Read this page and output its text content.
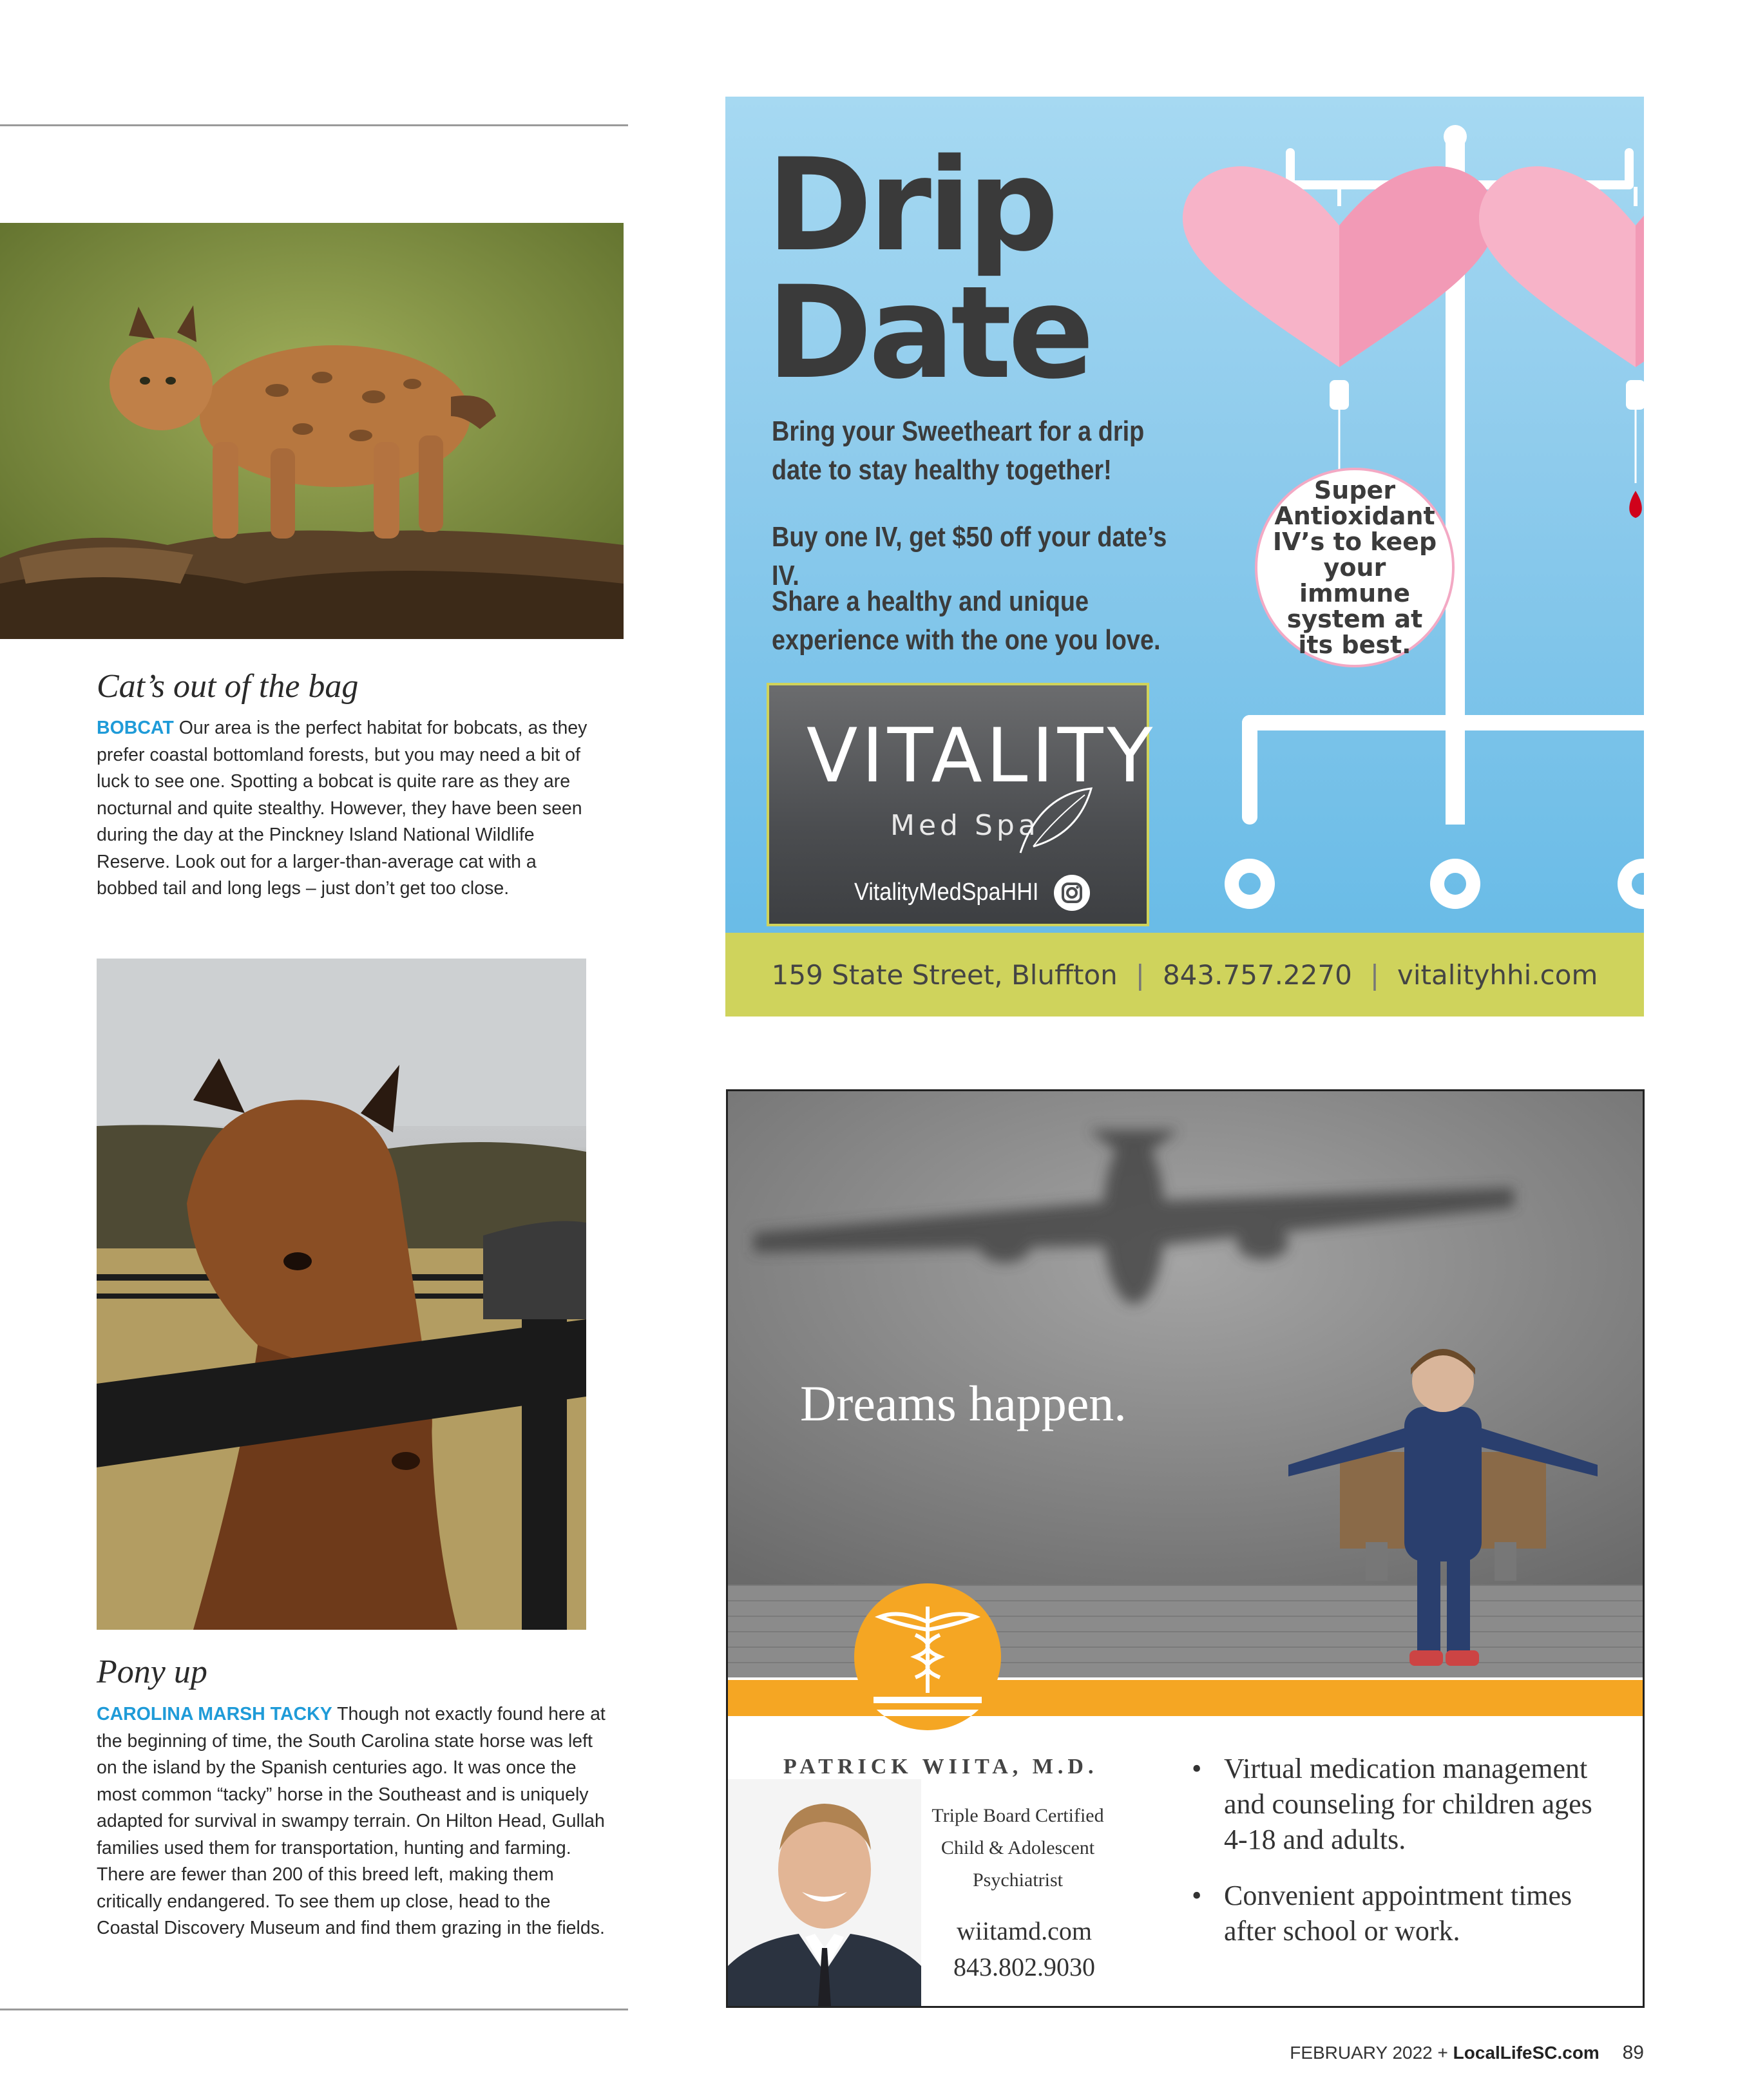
Cat’s out of the bag
BOBCAT Our area is the perfect habitat for bobcats, as they prefer coastal bottomland forests, but you may need a bit of luck to see one. Spotting a bobcat is quite rare as they are nocturnal and quite stealthy. However, they have been seen during the day at the Pinckney Island National Wildlife Reserve. Look out for a larger-than-average cat with a bobbed tail and long legs – just don’t get too close.
Pony up
CAROLINA MARSH TACKY Though not exactly found here at the beginning of time, the South Carolina state horse was left on the island by the Spanish centuries ago. It was once the most common “tacky” horse in the Southeast and is uniquely adapted for survival in swampy terrain. On Hilton Head, Gullah families used them for transportation, hunting and farming. There are fewer than 200 of this breed left, making them critically endangered. To see them up close, head to the Coastal Discovery Museum and find them grazing in the fields.
Drip
Date
Bring your Sweetheart for a drip date to stay healthy together!
Buy one IV, get $50 off your date’s IV.
Share a healthy and unique experience with the one you love.
Super Antioxidant IV’s to keep your immune system at its best.
VITALITY
Med Spa
VitalityMedSpaHHI
159 State Street, Bluffton | 843.757.2270 | vitalityhhi.com
Dreams happen.
PATRICK WIITA, M.D.
Triple Board Certified
Child & Adolescent
Psychiatrist
wiitamd.com
843.802.9030
• Virtual medication management and counseling for children ages 4-18 and adults.
• Convenient appointment times after school or work.
FEBRUARY 2022 + LocalLifeSC.com 89
